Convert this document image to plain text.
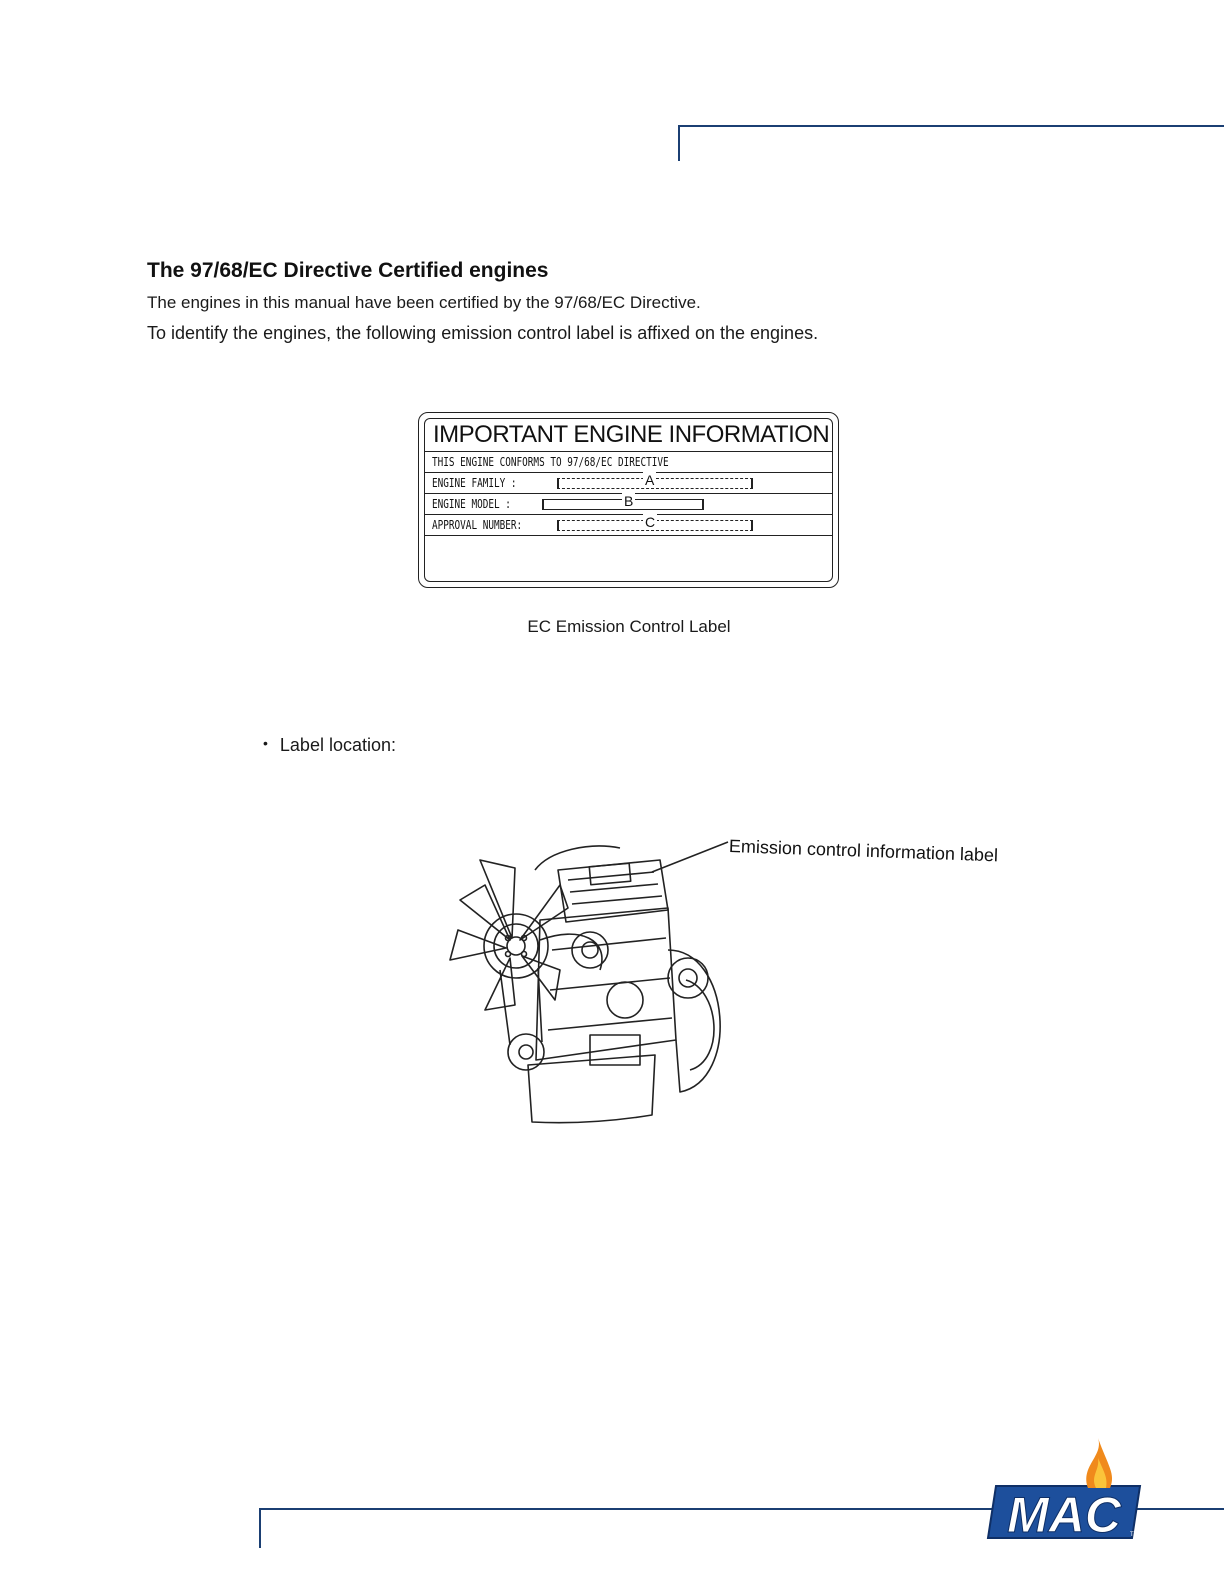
The 97/68/EC Directive Certified engines

The engines in this manual have been certified by the 97/68/EC Directive.

To identify the engines, the following emission control label is affixed on the engines.

IMPORTANT ENGINE INFORMATION
THIS ENGINE CONFORMS TO 97/68/EC DIRECTIVE
ENGINE FAMILY :	A
ENGINE MODEL :	B
APPROVAL NUMBER:	C

EC Emission Control Label

• Label location:
Emission control information label
MAC TM
